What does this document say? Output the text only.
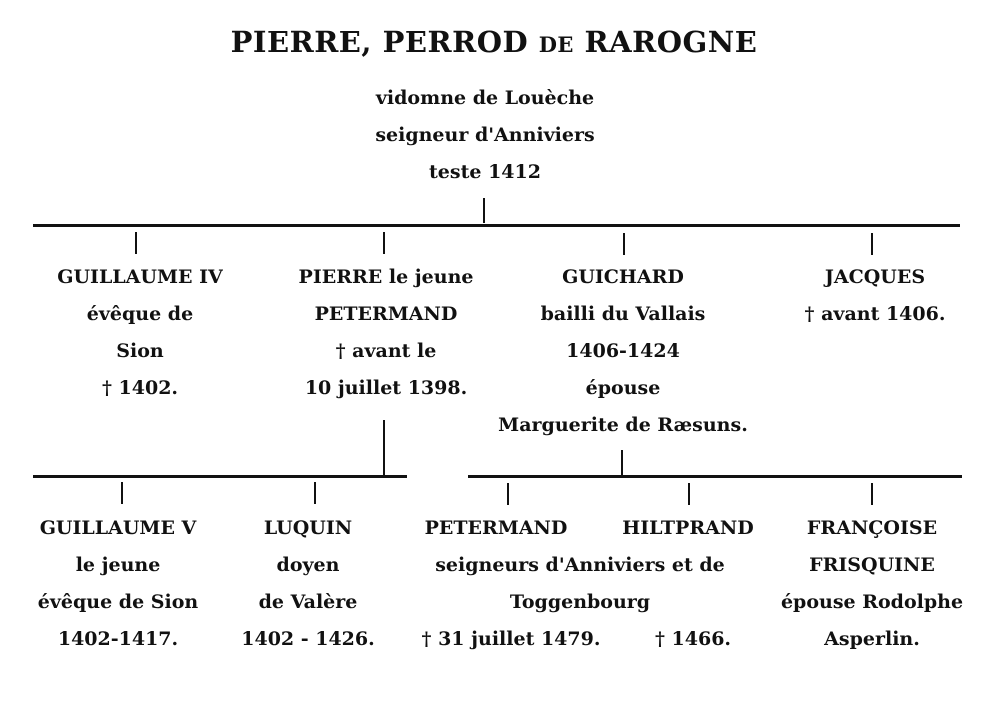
PIERRE, PERROD DE RAROGNE
vidomne de Louèche
seigneur d'Anniviers
teste 1412
GUILLAUME IV
évêque de
Sion
† 1402.
PIERRE le jeune
PETERMAND
† avant le
10 juillet 1398.
GUICHARD
bailli du Vallais
1406-1424
épouse
Marguerite de Ræsuns.
JACQUES
† avant 1406.
GUILLAUME V
le jeune
évêque de Sion
1402-1417.
LUQUIN
doyen
de Valère
1402 - 1426.
PETERMAND	HILTPRAND
seigneurs d'Anniviers et de
Toggenbourg
† 31 juillet 1479.	† 1466.
FRANÇOISE
FRISQUINE
épouse Rodolphe
Asperlin.
